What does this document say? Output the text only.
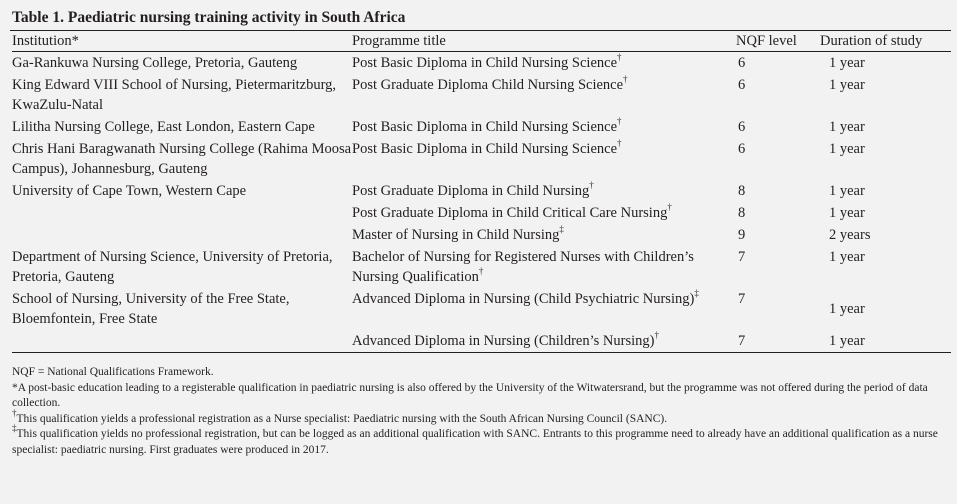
Table 1. Paediatric nursing training activity in South Africa
Institution*	Programme title	NQF level	Duration of study
Ga-Rankuwa Nursing College, Pretoria, Gauteng	Post Basic Diploma in Child Nursing Science†	6	1 year
King Edward VIII School of Nursing, Pietermaritzburg, KwaZulu-Natal	Post Graduate Diploma Child Nursing Science†	6	1 year
Lilitha Nursing College, East London, Eastern Cape	Post Basic Diploma in Child Nursing Science†	6	1 year
Chris Hani Baragwanath Nursing College (Rahima Moosa Campus), Johannesburg, Gauteng	Post Basic Diploma in Child Nursing Science†	6	1 year
University of Cape Town, Western Cape	Post Graduate Diploma in Child Nursing†	8	1 year
	Post Graduate Diploma in Child Critical Care Nursing†	8	1 year
	Master of Nursing in Child Nursing‡	9	2 years
Department of Nursing Science, University of Pretoria, Pretoria, Gauteng	Bachelor of Nursing for Registered Nurses with Children’s Nursing Qualification†	7	1 year
School of Nursing, University of the Free State, Bloemfontein, Free State	Advanced Diploma in Nursing (Child Psychiatric Nursing)‡	7	1 year
	Advanced Diploma in Nursing (Children’s Nursing)†	7	1 year

NQF = National Qualifications Framework.

*A post-basic education leading to a registerable qualification in paediatric nursing is also offered by the University of the Witwatersrand, but the programme was not offered during the period of data collection.

†This qualification yields a professional registration as a Nurse specialist: Paediatric nursing with the South African Nursing Council (SANC).

‡This qualification yields no professional registration, but can be logged as an additional qualification with SANC. Entrants to this programme need to already have an additional qualification as a nurse specialist: paediatric nursing. First graduates were produced in 2017.
